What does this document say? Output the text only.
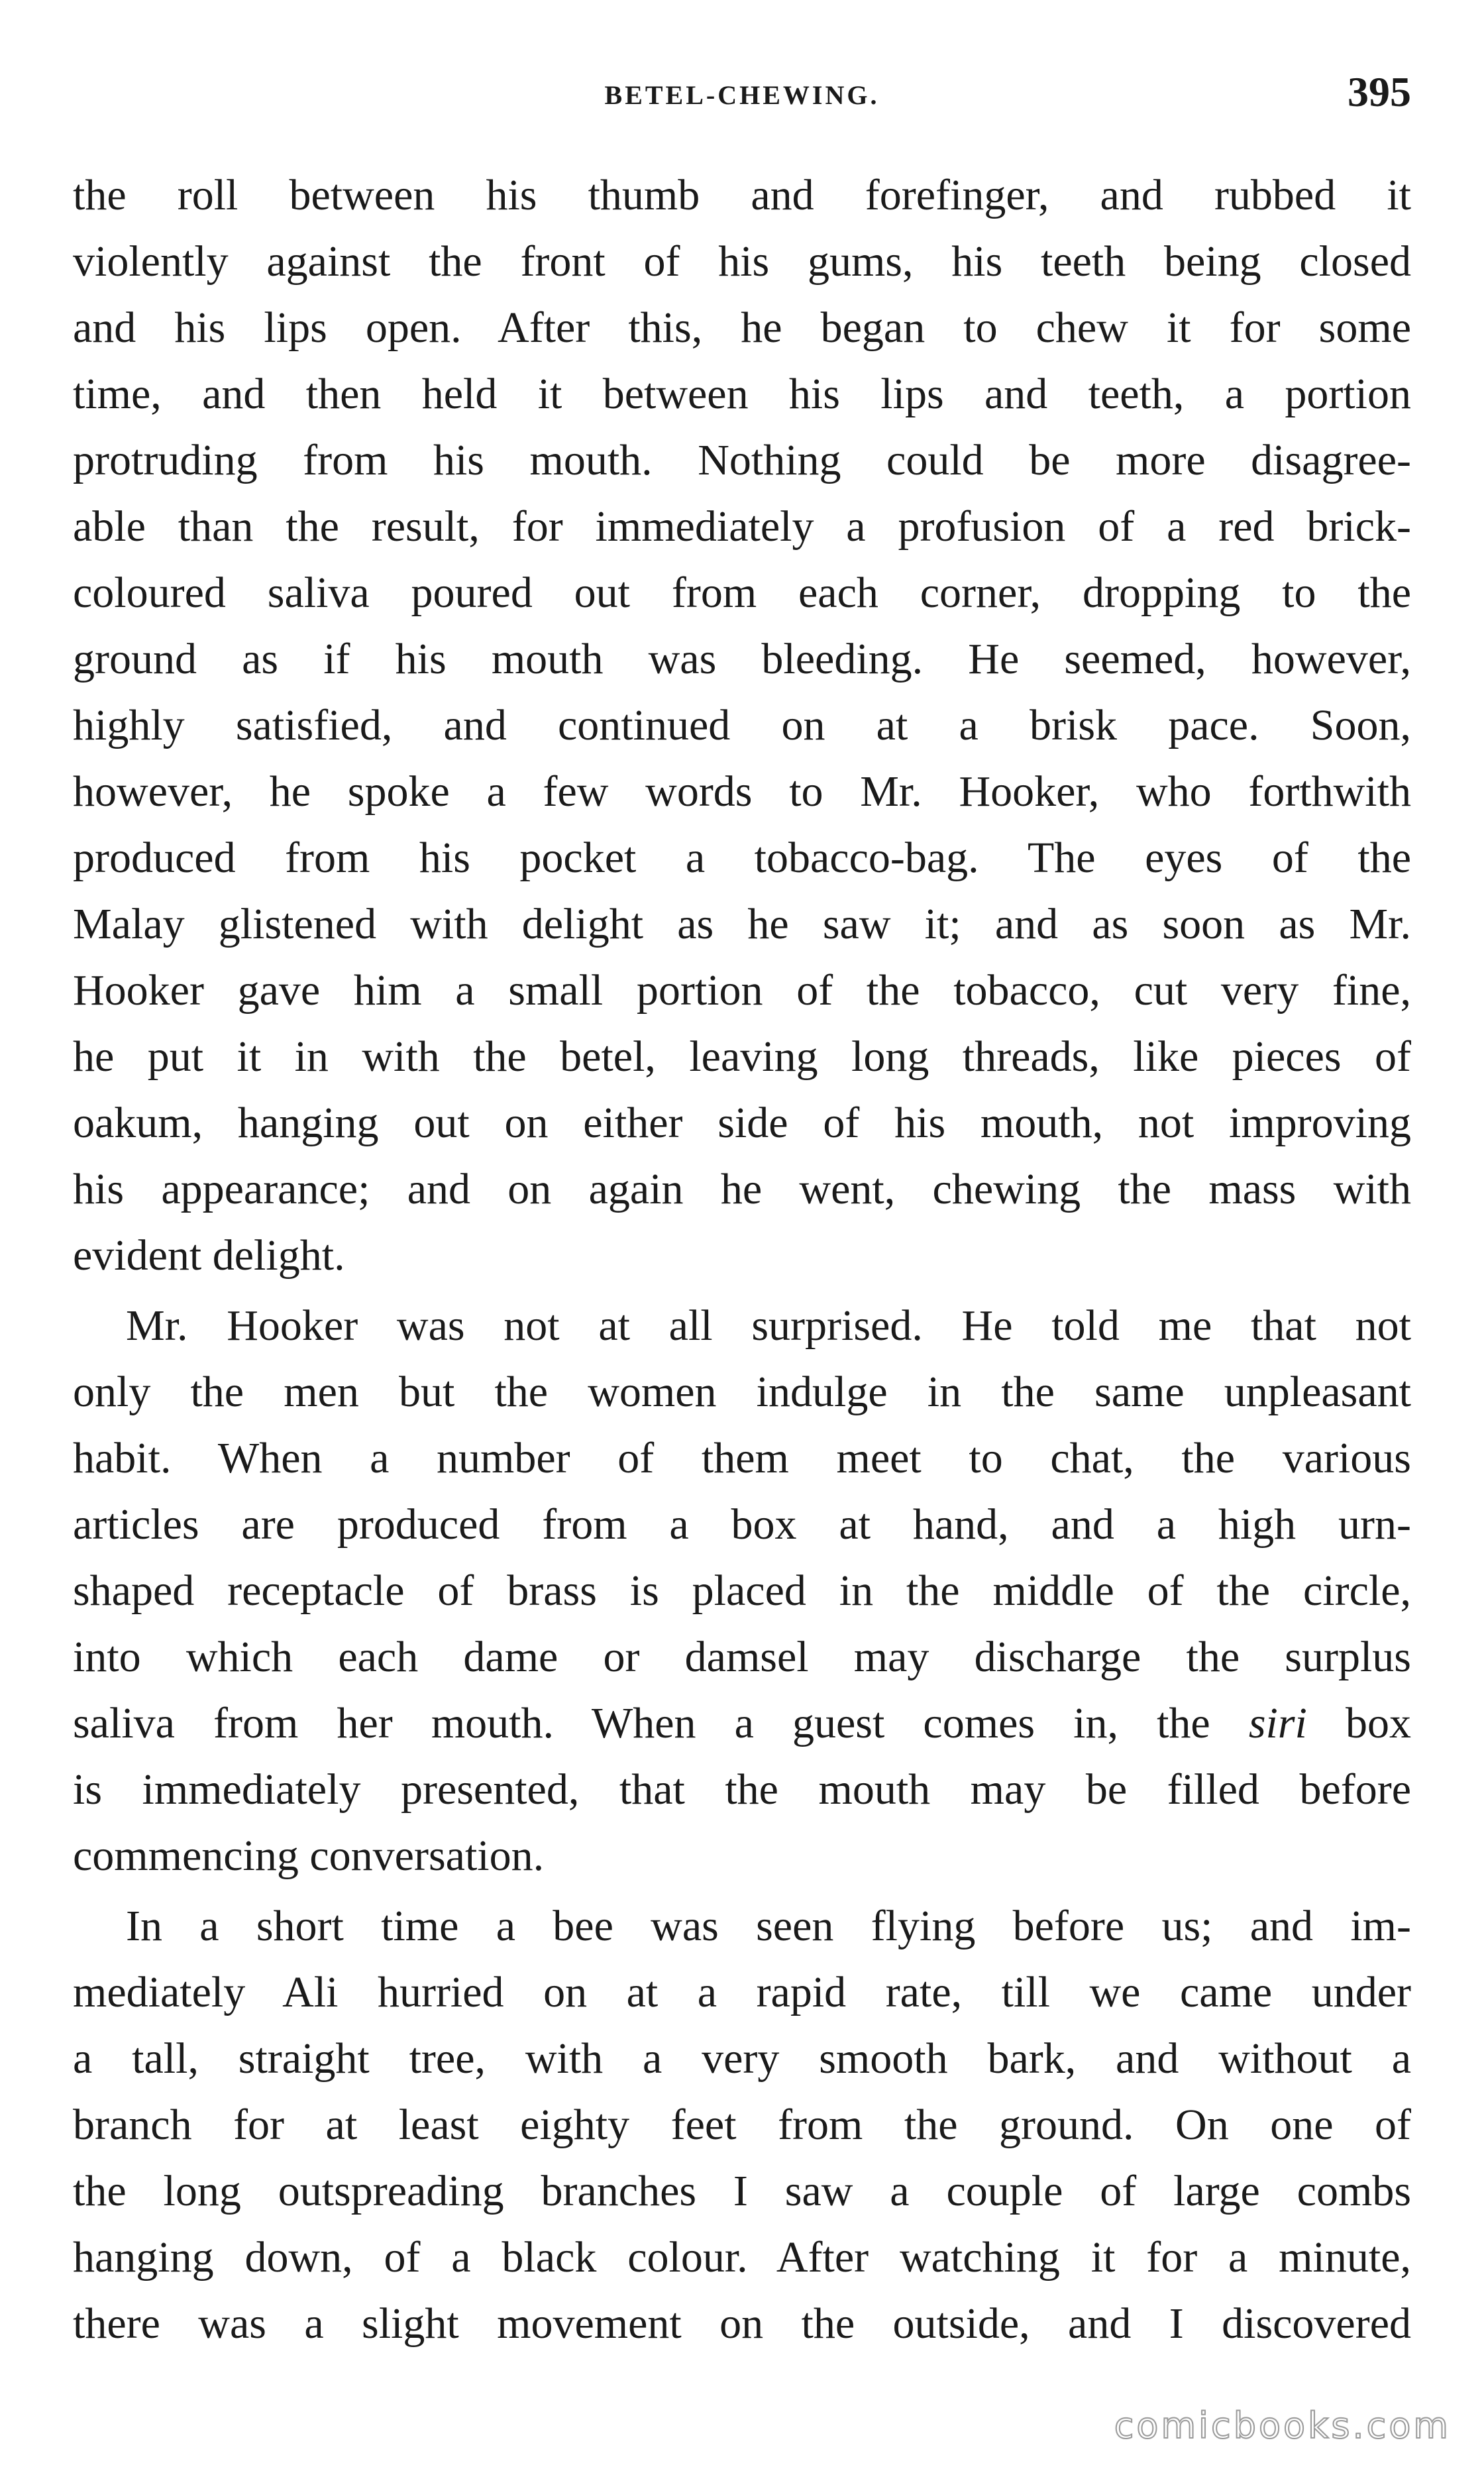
BETEL-CHEWING.	395
the roll between his thumb and forefinger, and rubbed it
violently against the front of his gums, his teeth being closed
and his lips open. After this, he began to chew it for some
time, and then held it between his lips and teeth, a portion
protruding from his mouth. Nothing could be more disagree-
able than the result, for immediately a profusion of a red brick-
coloured saliva poured out from each corner, dropping to the
ground as if his mouth was bleeding. He seemed, however,
highly satisfied, and continued on at a brisk pace. Soon,
however, he spoke a few words to Mr. Hooker, who forthwith
produced from his pocket a tobacco-bag. The eyes of the
Malay glistened with delight as he saw it; and as soon as Mr.
Hooker gave him a small portion of the tobacco, cut very fine,
he put it in with the betel, leaving long threads, like pieces of
oakum, hanging out on either side of his mouth, not improving
his appearance; and on again he went, chewing the mass with
evident delight.
Mr. Hooker was not at all surprised. He told me that not
only the men but the women indulge in the same unpleasant
habit. When a number of them meet to chat, the various
articles are produced from a box at hand, and a high urn-
shaped receptacle of brass is placed in the middle of the circle,
into which each dame or damsel may discharge the surplus
saliva from her mouth. When a guest comes in, the siri box
is immediately presented, that the mouth may be filled before
commencing conversation.
In a short time a bee was seen flying before us; and im-
mediately Ali hurried on at a rapid rate, till we came under
a tall, straight tree, with a very smooth bark, and without a
branch for at least eighty feet from the ground. On one of
the long outspreading branches I saw a couple of large combs
hanging down, of a black colour. After watching it for a minute,
there was a slight movement on the outside, and I discovered
comicbooks.com
